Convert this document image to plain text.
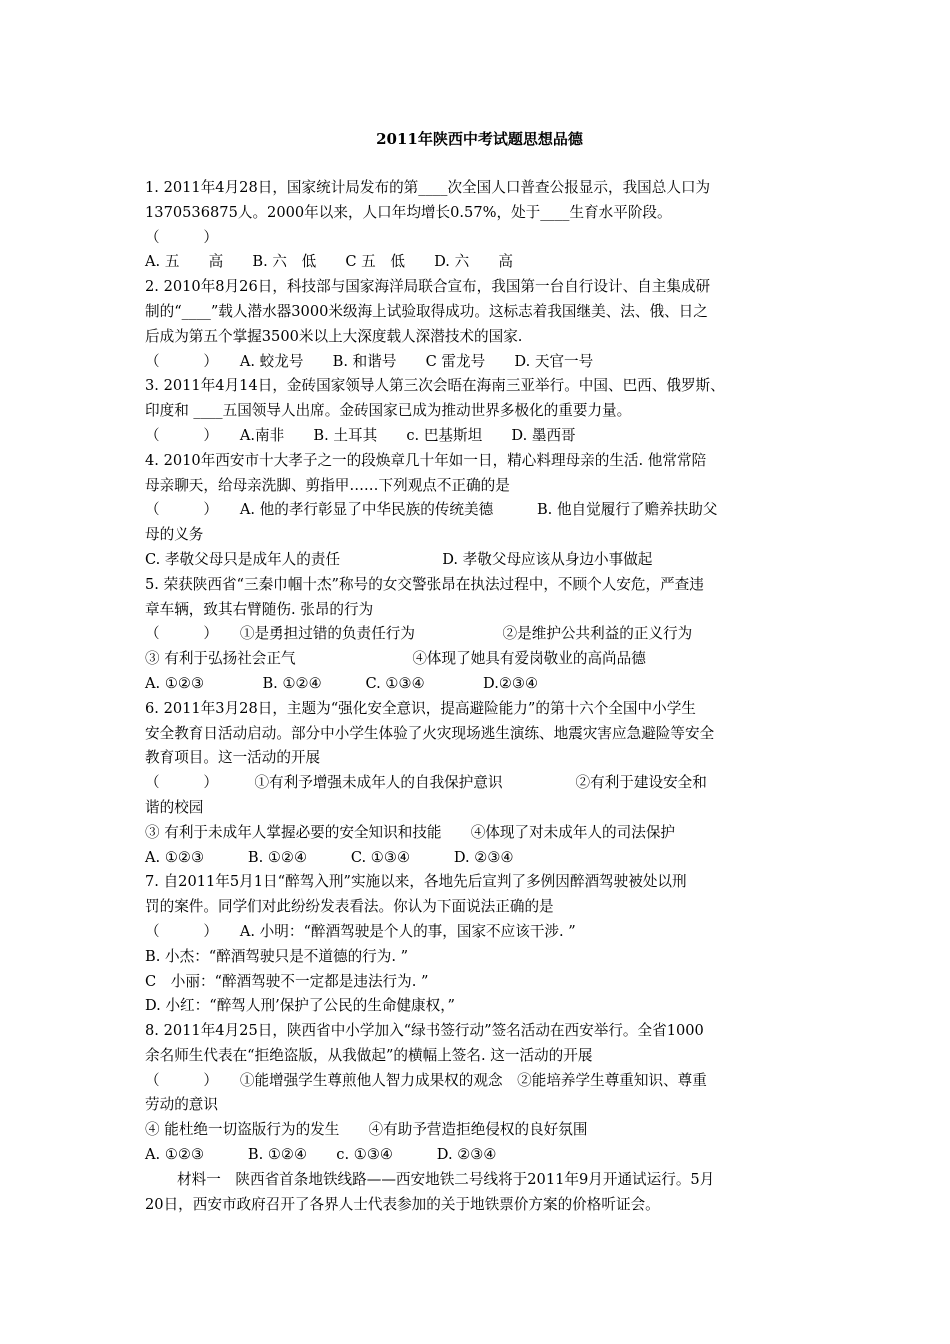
2011年陕西中考试题思想品德
1. 2011年4月28日，国家统计局发布的第____次全国人口普查公报显示，我国总人口为
1370536875人。2000年以来，人口年均增长0.57%，处于____生育水平阶段。
（　　　）
A. 五　　高　　B. 六　低　　C 五　低　　D. 六　　高
2. 2010年8月26日，科技部与国家海洋局联合宣布，我国第一台自行设计、自主集成研
制的“____”载人潜水器3000米级海上试验取得成功。这标志着我国继美、法、俄、日之
后成为第五个掌握3500米以上大深度载人深潜技术的国家.
（　　　）　　A. 蛟龙号　　B. 和谐号　　C 雷龙号　　D. 天官一号
3. 2011年4月14日，金砖国家领导人第三次会晤在海南三亚举行。中国、巴西、俄罗斯、
印度和 ____五国领导人出席。金砖国家已成为推动世界多极化的重要力量。
（　　　）　　A.南非　　B. 土耳其　　c. 巴基斯坦　　D. 墨西哥
4. 2010年西安市十大孝子之一的段焕章几十年如一日，精心料理母亲的生活. 他常常陪
母亲聊天，给母亲洗脚、剪指甲……下列观点不正确的是
（　　　）　　A. 他的孝行彰显了中华民族的传统美德　　　B. 他自觉履行了赡养扶助父
母的义务
C. 孝敬父母只是成年人的责任　　　　　　　D. 孝敬父母应该从身边小事做起
5. 荣获陕西省“三秦巾帼十杰”称号的女交警张昂在执法过程中，不顾个人安危，严查违
章车辆，致其右臂随伤. 张昂的行为
（　　　）　　①是勇担过错的负责任行为　　　　　　②是维护公共利益的正义行为
③ 有利于弘扬社会正气　　　　　　　　④体现了她具有爱岗敬业的高尚品德
A. ①②③　　　　B. ①②④　　　C. ①③④　　　　D.②③④
6. 2011年3月28日，主题为“强化安全意识，提高避险能力”的第十六个全国中小学生
安全教育日活动启动。部分中小学生体验了火灾现场逃生演练、地震灾害应急避险等安全
教育项目。这一活动的开展
（　　　）　　　①有利予增强未成年人的自我保护意识　　　　　②有利于建设安全和
谐的校园
③ 有利于未成年人掌握必要的安全知识和技能　　④体现了对未成年人的司法保护
A. ①②③　　　B. ①②④　　　C. ①③④　　　D. ②③④
7. 自2011年5月1日“醉驾入刑”实施以来，各地先后宣判了多例因醉酒驾驶被处以刑
罚的案件。同学们对此纷纷发表看法。你认为下面说法正确的是
（　　　）　　A. 小明：“醉酒驾驶是个人的事，国家不应该干涉. ”
B. 小杰：“醉酒驾驶只是不道德的行为. ”
C　小丽：“醉酒驾驶不一定都是违法行为. ”
D. 小红：“醉驾人刑’保护了公民的生命健康权，”
8. 2011年4月25日，陕西省中小学加入“绿书签行动”签名活动在西安举行。全省1000
余名师生代表在“拒绝盗版，从我做起”的横幅上签名. 这一活动的开展
（　　　）　　①能增强学生尊煎他人智力成果权的观念　②能培养学生尊重知识、尊重
劳动的意识
④ 能杜绝一切盗版行为的发生　　④有助予营造拒绝侵权的良好氛围
A. ①②③　　　B. ①②④　　c. ①③④　　　D. ②③④
材料一　陕西省首条地铁线路——西安地铁二号线将于2011年9月开通试运行。5月
20日，西安市政府召开了各界人士代表参加的关于地铁票价方案的价格听证会。
